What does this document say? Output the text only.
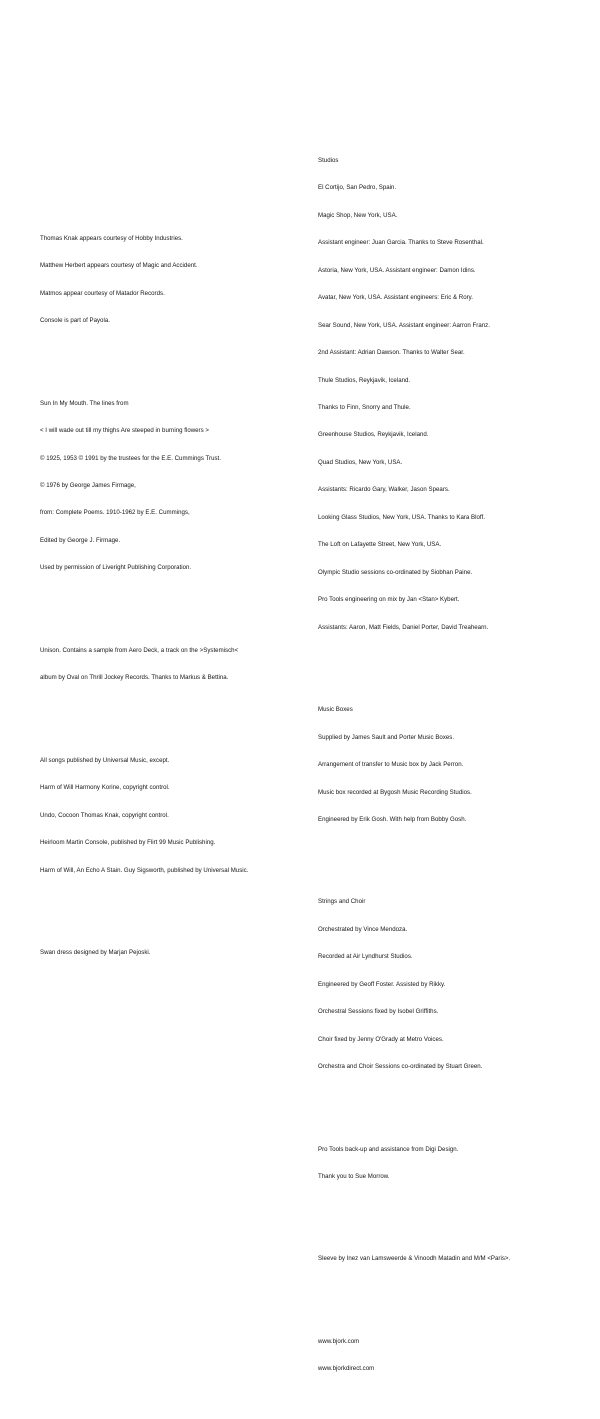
Thomas Knak appears courtesy of Hobby Industries.

Matthew Herbert appears courtesy of Magic and Accident.

Matmos appear courtesy of Matador Records.

Console is part of Payola.

Sun In My Mouth. The lines from

< I will wade out till my thighs Are steeped in burning flowers >

© 1925, 1953 © 1991 by the trustees for the E.E. Cummings Trust.

© 1976 by George James Firmage,

from: Complete Poems. 1910-1962 by E.E. Cummings,

Edited by George J. Firmage.

Used by permission of Liveright Publishing Corporation.

Unison. Contains a sample from Aero Deck, a track on the >Systemisch<

album by Oval on Thrill Jockey Records. Thanks to Markus & Bettina.

All songs published by Universal Music, except.

Harm of Will Harmony Korine, copyright control.

Undo, Cocoon Thomas Knak, copyright control.

Heirloom Martin Console, published by Flirt 99 Music Publishing.

Harm of Will, An Echo A Stain. Guy Sigsworth, published by Universal Music.

Swan dress designed by Marjan Pejoski.

Studios

El Cortijo, San Pedro, Spain.

Magic Shop, New York, USA.

Assistant engineer: Juan Garcia. Thanks to Steve Rosenthal.

Astoria, New York, USA. Assistant engineer: Damon Idins.

Avatar, New York, USA. Assistant engineers: Eric & Rory.

Sear Sound, New York, USA. Assistant engineer: Aarron Franz.

2nd Assistant: Adrian Dawson. Thanks to Walter Sear.

Thule Studios, Reykjavik, Iceland.

Thanks to Finn, Snorry and Thule.

Greenhouse Studios, Reykjavik, Iceland.

Quad Studios, New York, USA.

Assistants: Ricardo Gary, Walker, Jason Spears.

Looking Glass Studios, New York, USA. Thanks to Kara Bloff.

The Loft on Lafayette Street, New York, USA.

Olympic Studio sessions co-ordinated by Siobhan Paine.

Pro Tools engineering on mix by Jan <Stan> Kybert.

Assistants: Aaron, Matt Fields, Daniel Porter, David Treahearn.

Music Boxes

Supplied by James Sault and Porter Music Boxes.

Arrangement of transfer to Music box by Jack Perron.

Music box recorded at Bygosh Music Recording Studios.

Engineered by Erik Gosh. With help from Bobby Gosh.

Strings and Choir

Orchestrated by Vince Mendoza.

Recorded at Air Lyndhurst Studios.

Engineered by Geoff Foster. Assisted by Rikky.

Orchestral Sessions fixed by Isobel Griffiths.

Choir fixed by Jenny O'Grady at Metro Voices.

Orchestra and Choir Sessions co-ordinated by Stuart Green.

Pro Tools back-up and assistance from Digi Design.

Thank you to Sue Morrow.

Sleeve by Inez van Lamsweerde & Vinoodh Matadin and M/M <Paris>.

www.bjork.com

www.bjorkdirect.com
